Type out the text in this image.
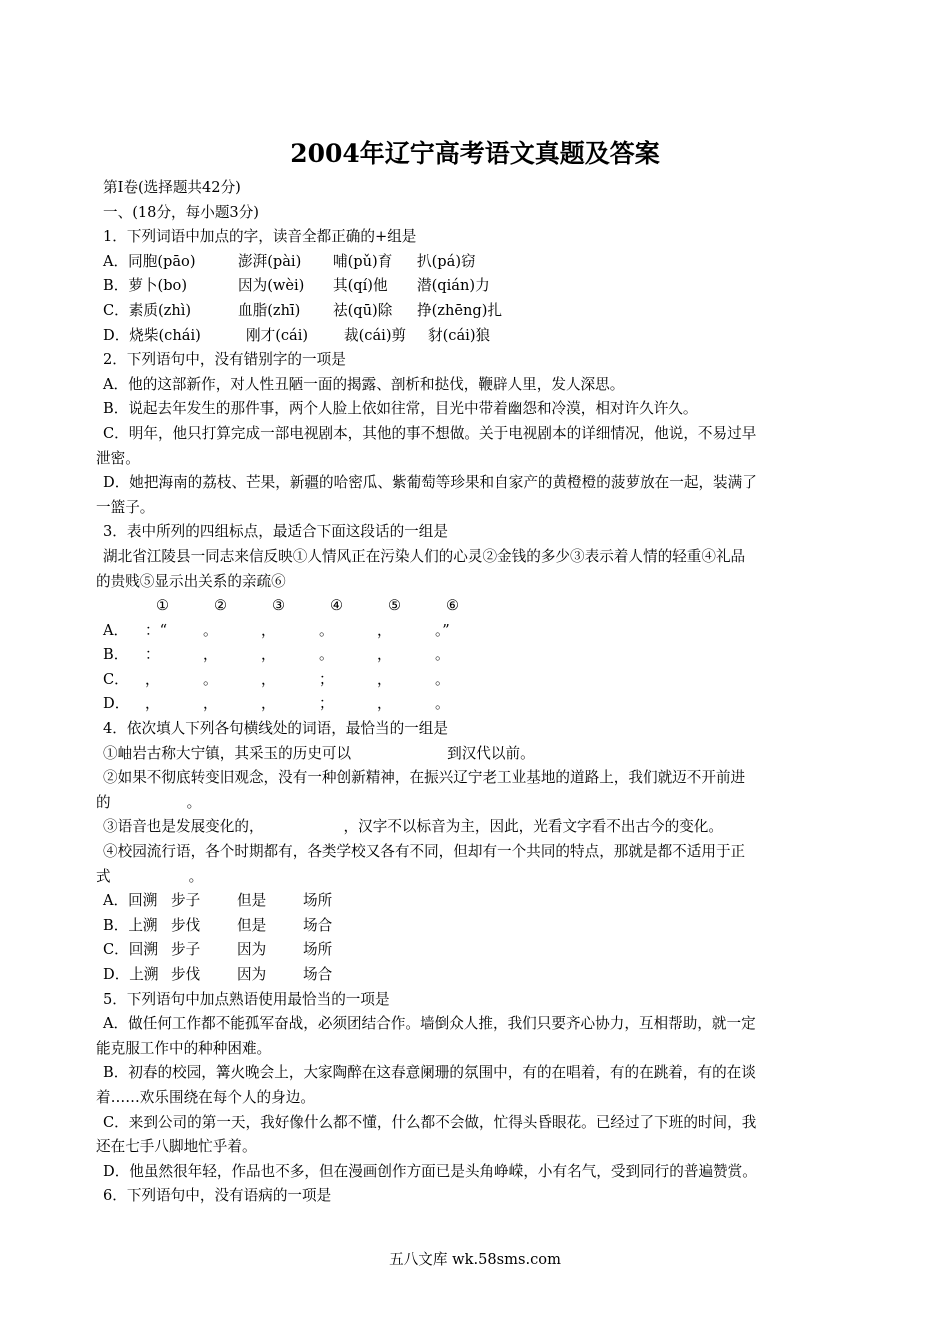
2004年辽宁高考语文真题及答案

第Ⅰ卷(选择题共42分)

一、(18分，每小题3分)

1．下列词语中加点的字，读音全都正确的+组是

A．同胞(pāo)	澎湃(pài) 哺(pǔ)育 扒(pá)窃

B．萝卜(bo)	因为(wèi) 其(qí)他 潜(qián)力

C．素质(zhì)	血脂(zhī) 祛(qū)除 挣(zhēng)扎

D．烧柴(chái)	刚才(cái) 裁(cái)剪 豺(cái)狼

2．下列语句中，没有错别字的一项是

A．他的这部新作，对人性丑陋一面的揭露、剖析和挞伐，鞭辟人里，发人深思。

B．说起去年发生的那件事，两个人脸上依如往常，目光中带着幽怨和冷漠，相对许久许久。

C．明年，他只打算完成一部电视剧本，其他的事不想做。关于电视剧本的详细情况，他说，不易过早

泄密。

D．她把海南的荔枝、芒果，新疆的哈密瓜、紫葡萄等珍果和自家产的黄橙橙的菠萝放在一起，装满了

一篮子。

3．表中所列的四组标点，最适合下面这段话的一组是

湖北省江陵县一同志来信反映①人情风正在污染人们的心灵②金钱的多少③表示着人情的轻重④礼品

的贵贱⑤显示出关系的亲疏⑥

①	②	③	④	⑤	⑥
A．	：“	。	，	。	，	。”
B．	：	，	，	。	，	。
C．	，	。	，	；	，	。
D．	，	，	，	；	，	。

4．依次填人下列各句横线处的词语，最恰当的一组是

①岫岩古称大宁镇，其采玉的历史可以	到汉代以前。

②如果不彻底转变旧观念，没有一种创新精神，在振兴辽宁老工业基地的道路上，我们就迈不开前进

的	。

③语音也是发展变化的，	，汉字不以标音为主，因此，光看文字看不出古今的变化。

④校园流行语，各个时期都有，各类学校又各有不同，但却有一个共同的特点，那就是都不适用于正

式	。

A．回溯 步子	但是	场所

B．上溯 步伐	但是	场合

C．回溯 步子	因为	场所

D．上溯 步伐	因为	场合

5．下列语句中加点熟语使用最恰当的一项是

A．做任何工作都不能孤军奋战，必须团结合作。墙倒众人推，我们只要齐心协力，互相帮助，就一定

能克服工作中的种种困难。

B．初春的校园，篝火晚会上，大家陶醉在这春意阑珊的氛围中，有的在唱着，有的在跳着，有的在谈

着……欢乐围绕在每个人的身边。

C．来到公司的第一天，我好像什么都不懂，什么都不会做，忙得头昏眼花。已经过了下班的时间，我

还在七手八脚地忙乎着。

D．他虽然很年轻，作品也不多，但在漫画创作方面已是头角峥嵘，小有名气，受到同行的普遍赞赏。

6．下列语句中，没有语病的一项是

五八文库 wk.58sms.com
